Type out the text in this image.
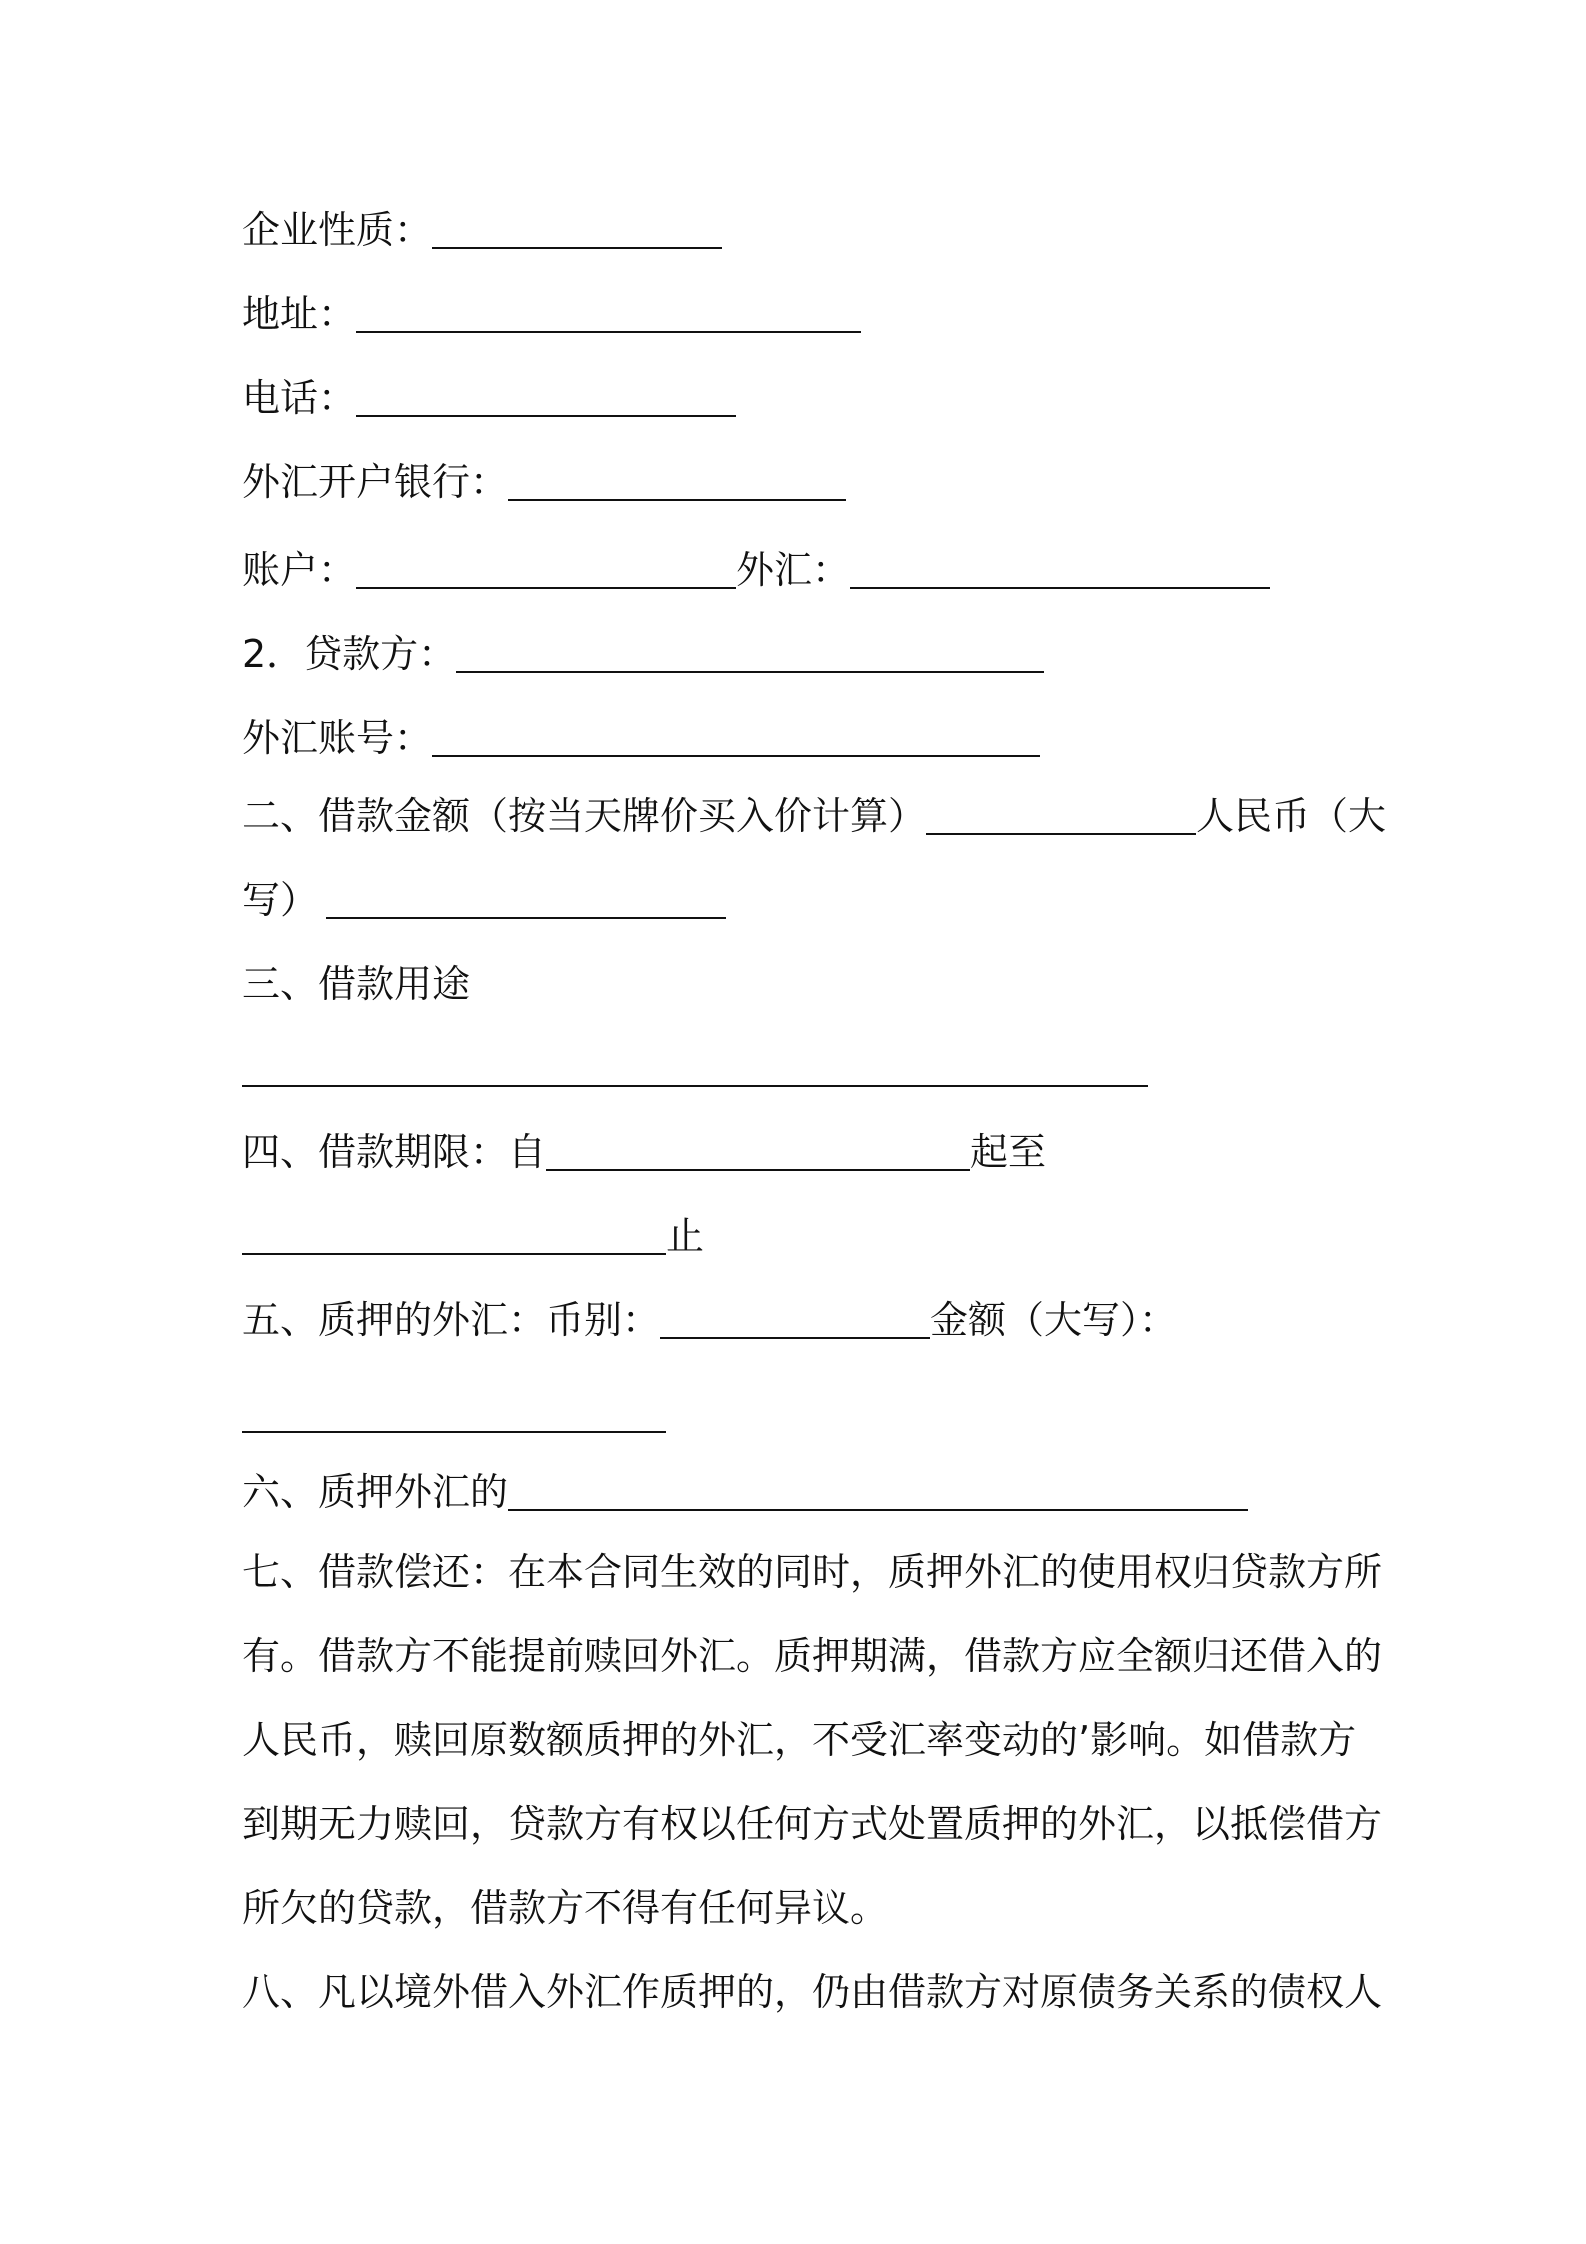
企业性质：
地址：
电话：
外汇开户银行：
账户：	外汇：
2．贷款方：
外汇账号：
二、借款金额（按当天牌价买入价计算）	人民币（大
写）
三、借款用途
四、借款期限：自	起至
止
五、质押的外汇：币别：	金额（大写）：
六、质押外汇的
七、借款偿还：在本合同生效的同时，质押外汇的使用权归贷款方所
有。借款方不能提前赎回外汇。质押期满，借款方应全额归还借入的
人民币，赎回原数额质押的外汇，不受汇率变动的’影响。如借款方
到期无力赎回，贷款方有权以任何方式处置质押的外汇，以抵偿借方
所欠的贷款，借款方不得有任何异议。
八、凡以境外借入外汇作质押的，仍由借款方对原债务关系的债权人
